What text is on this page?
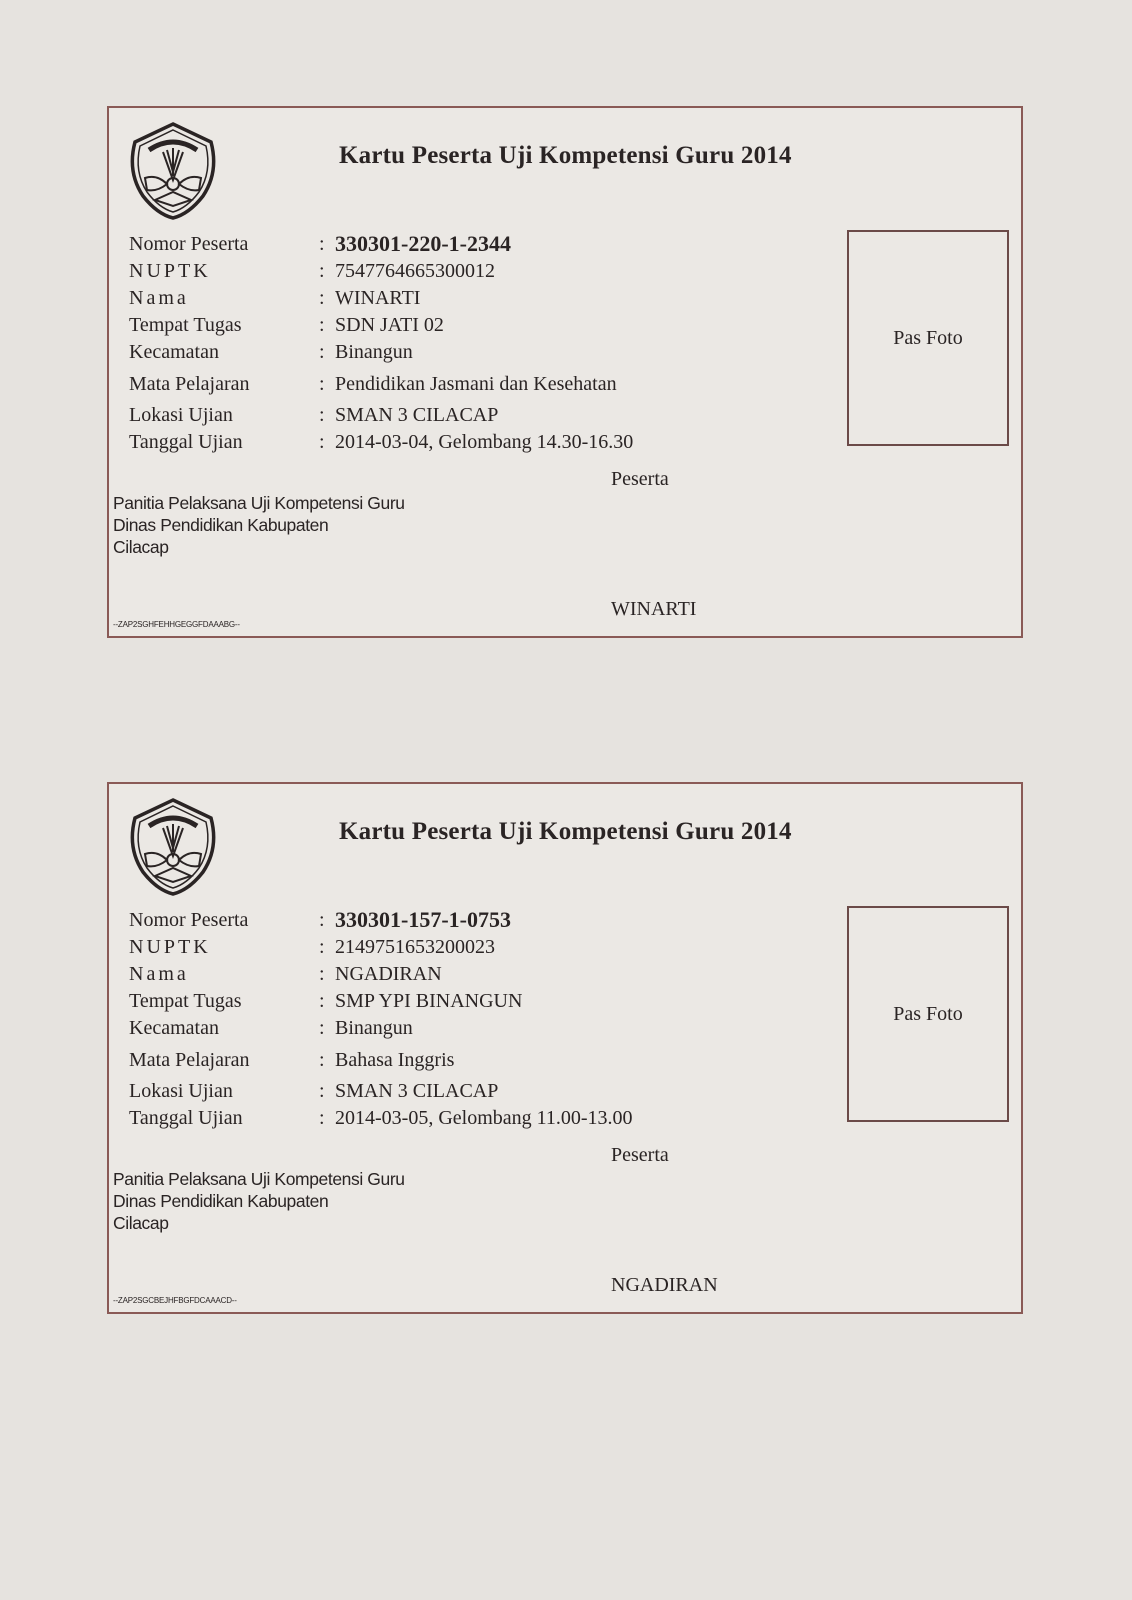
Kartu Peserta Uji Kompetensi Guru 2014
Nomor Peserta	: 330301-220-1-2344
NUPTK	: 7547764665300012
Nama	: WINARTI
Tempat Tugas	: SDN JATI 02
Kecamatan	: Binangun
Mata Pelajaran	: Pendidikan Jasmani dan Kesehatan
Lokasi Ujian	: SMAN 3 CILACAP
Tanggal Ujian	: 2014-03-04, Gelombang 14.30-16.30
Pas Foto
Peserta
Panitia Pelaksana Uji Kompetensi Guru
Dinas Pendidikan Kabupaten
Cilacap
WINARTI
--ZAP2SGHFEHHGEGGFDAAABG--
Kartu Peserta Uji Kompetensi Guru 2014
Nomor Peserta	: 330301-157-1-0753
NUPTK	: 2149751653200023
Nama	: NGADIRAN
Tempat Tugas	: SMP YPI BINANGUN
Kecamatan	: Binangun
Mata Pelajaran	: Bahasa Inggris
Lokasi Ujian	: SMAN 3 CILACAP
Tanggal Ujian	: 2014-03-05, Gelombang 11.00-13.00
Pas Foto
Peserta
Panitia Pelaksana Uji Kompetensi Guru
Dinas Pendidikan Kabupaten
Cilacap
NGADIRAN
--ZAP2SGCBEJHFBGFDCAAACD--
